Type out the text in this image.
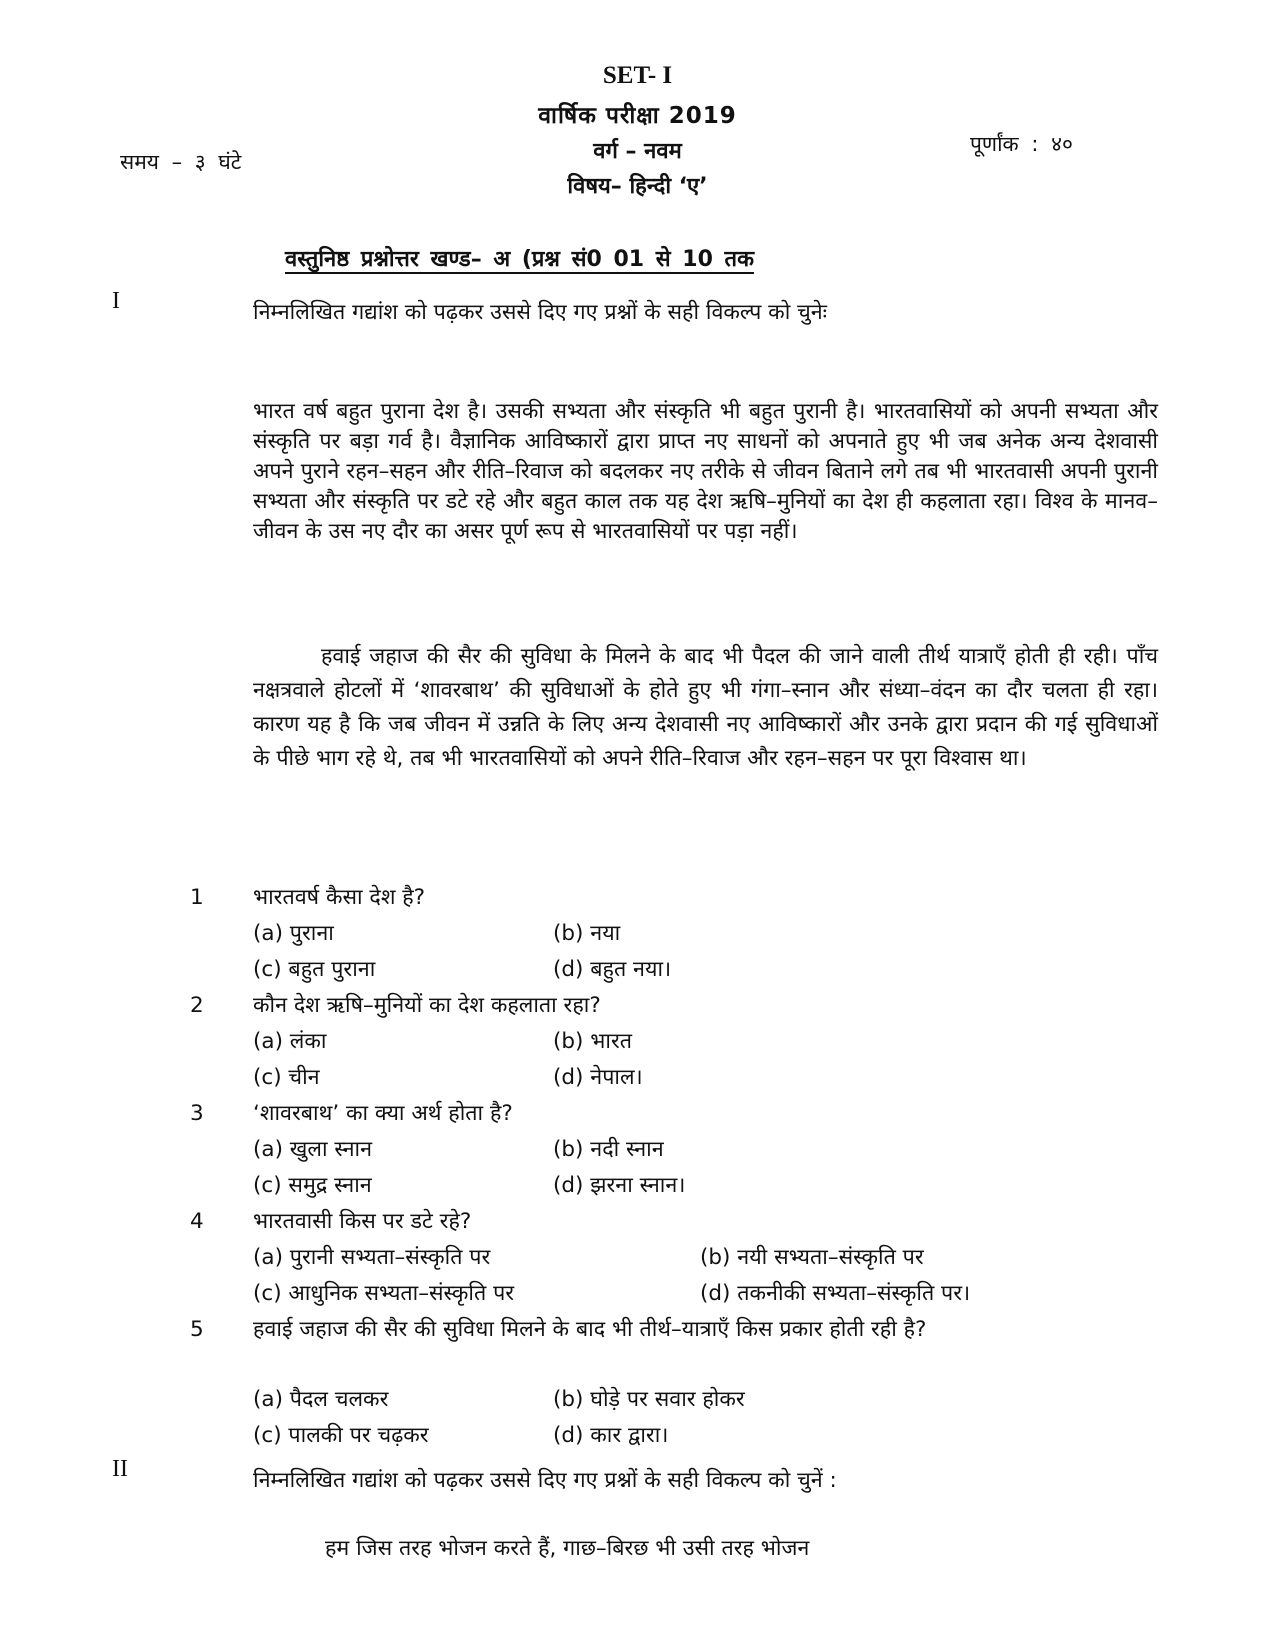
SET- I
वार्षिक परीक्षा 2019
वर्ग – नवम
विषय– हिन्दी ‘ए’
समय – ३ घंटे
पूर्णांक : ४०
वस्तुनिष्ठ प्रश्नोत्तर खण्ड– अ (प्रश्न सं0 01 से 10 तक
I	निम्नलिखित गद्यांश को पढ़कर उससे दिए गए प्रश्नों के सही विकल्प को चुनेः
भारत वर्ष बहुत पुराना देश है। उसकी सभ्यता और संस्कृति भी बहुत पुरानी है। भारतवासियों को अपनी सभ्यता और संस्कृति पर बड़ा गर्व है। वैज्ञानिक आविष्कारों द्वारा प्राप्त नए साधनों को अपनाते हुए भी जब अनेक अन्य देशवासी अपने पुराने रहन–सहन और रीति–रिवाज को बदलकर नए तरीके से जीवन बिताने लगे तब भी भारतवासी अपनी पुरानी सभ्यता और संस्कृति पर डटे रहे और बहुत काल तक यह देश ऋषि–मुनियों का देश ही कहलाता रहा। विश्व के मानव–जीवन के उस नए दौर का असर पूर्ण रूप से भारतवासियों पर पड़ा नहीं।
हवाई जहाज की सैर की सुविधा के मिलने के बाद भी पैदल की जाने वाली तीर्थ यात्राएँ होती ही रही। पाँच नक्षत्रवाले होटलों में ‘शावरबाथ’ की सुविधाओं के होते हुए भी गंगा–स्नान और संध्या–वंदन का दौर चलता ही रहा। कारण यह है कि जब जीवन में उन्नति के लिए अन्य देशवासी नए आविष्कारों और उनके द्वारा प्रदान की गई सुविधाओं के पीछे भाग रहे थे, तब भी भारतवासियों को अपने रीति–रिवाज और रहन–सहन पर पूरा विश्वास था।
1 भारतवर्ष कैसा देश है?
(a) पुराना	(b) नया
(c) बहुत पुराना	(d) बहुत नया।
2 कौन देश ऋषि–मुनियों का देश कहलाता रहा?
(a) लंका	(b) भारत
(c) चीन	(d) नेपाल।
3 ‘शावरबाथ’ का क्या अर्थ होता है?
(a) खुला स्नान	(b) नदी स्नान
(c) समुद्र स्नान	(d) झरना स्नान।
4 भारतवासी किस पर डटे रहे?
(a) पुरानी सभ्यता–संस्कृति पर	(b) नयी सभ्यता–संस्कृति पर
(c) आधुनिक सभ्यता–संस्कृति पर	(d) तकनीकी सभ्यता–संस्कृति पर।
5 हवाई जहाज की सैर की सुविधा मिलने के बाद भी तीर्थ–यात्राएँ किस प्रकार होती रही है?
(a) पैदल चलकर	(b) घोड़े पर सवार होकर
(c) पालकी पर चढ़कर	(d) कार द्वारा।
II	निम्नलिखित गद्यांश को पढ़कर उससे दिए गए प्रश्नों के सही विकल्प को चुनें :
हम जिस तरह भोजन करते हैं, गाछ–बिरछ भी उसी तरह भोजन
